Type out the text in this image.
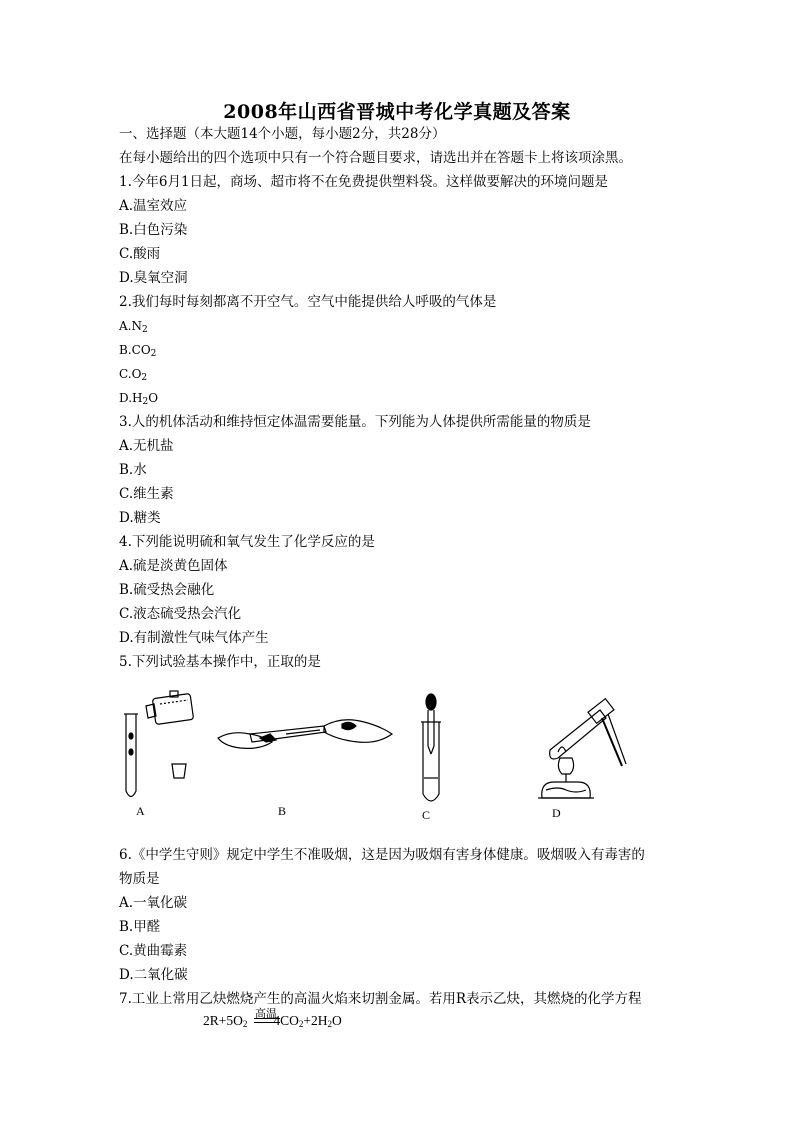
2008年山西省晋城中考化学真题及答案
一、选择题（本大题14个小题，每小题2分，共28分）
在每小题给出的四个选项中只有一个符合题目要求，请选出并在答题卡上将该项涂黑。
1.今年6月1日起，商场、超市将不在免费提供塑料袋。这样做要解决的环境问题是
A.温室效应
B.白色污染
C.酸雨
D.臭氧空洞
2.我们每时每刻都离不开空气。空气中能提供给人呼吸的气体是
$A.N_2$
$B.CO_2$
$C.O_2$
$D.H_2O$
3.人的机体活动和维持恒定体温需要能量。下列能为人体提供所需能量的物质是
A.无机盐
B.水
C.维生素
D.糖类
4.下列能说明硫和氧气发生了化学反应的是
A.硫是淡黄色固体
B.硫受热会融化
C.液态硫受热会汽化
D.有制激性气味气体产生
5.下列试验基本操作中，正取的是
A	B	C	D
6.《中学生守则》规定中学生不准吸烟，这是因为吸烟有害身体健康。吸烟吸入有毒害的
物质是
A.一氧化碳
B.甲醛
C.黄曲霉素
D.二氧化碳
7.工业上常用乙炔燃烧产生的高温火焰来切割金属。若用R表示乙炔，其燃烧的化学方程
高温
$2R+5O_2$ $4CO_2+2H_2O$
